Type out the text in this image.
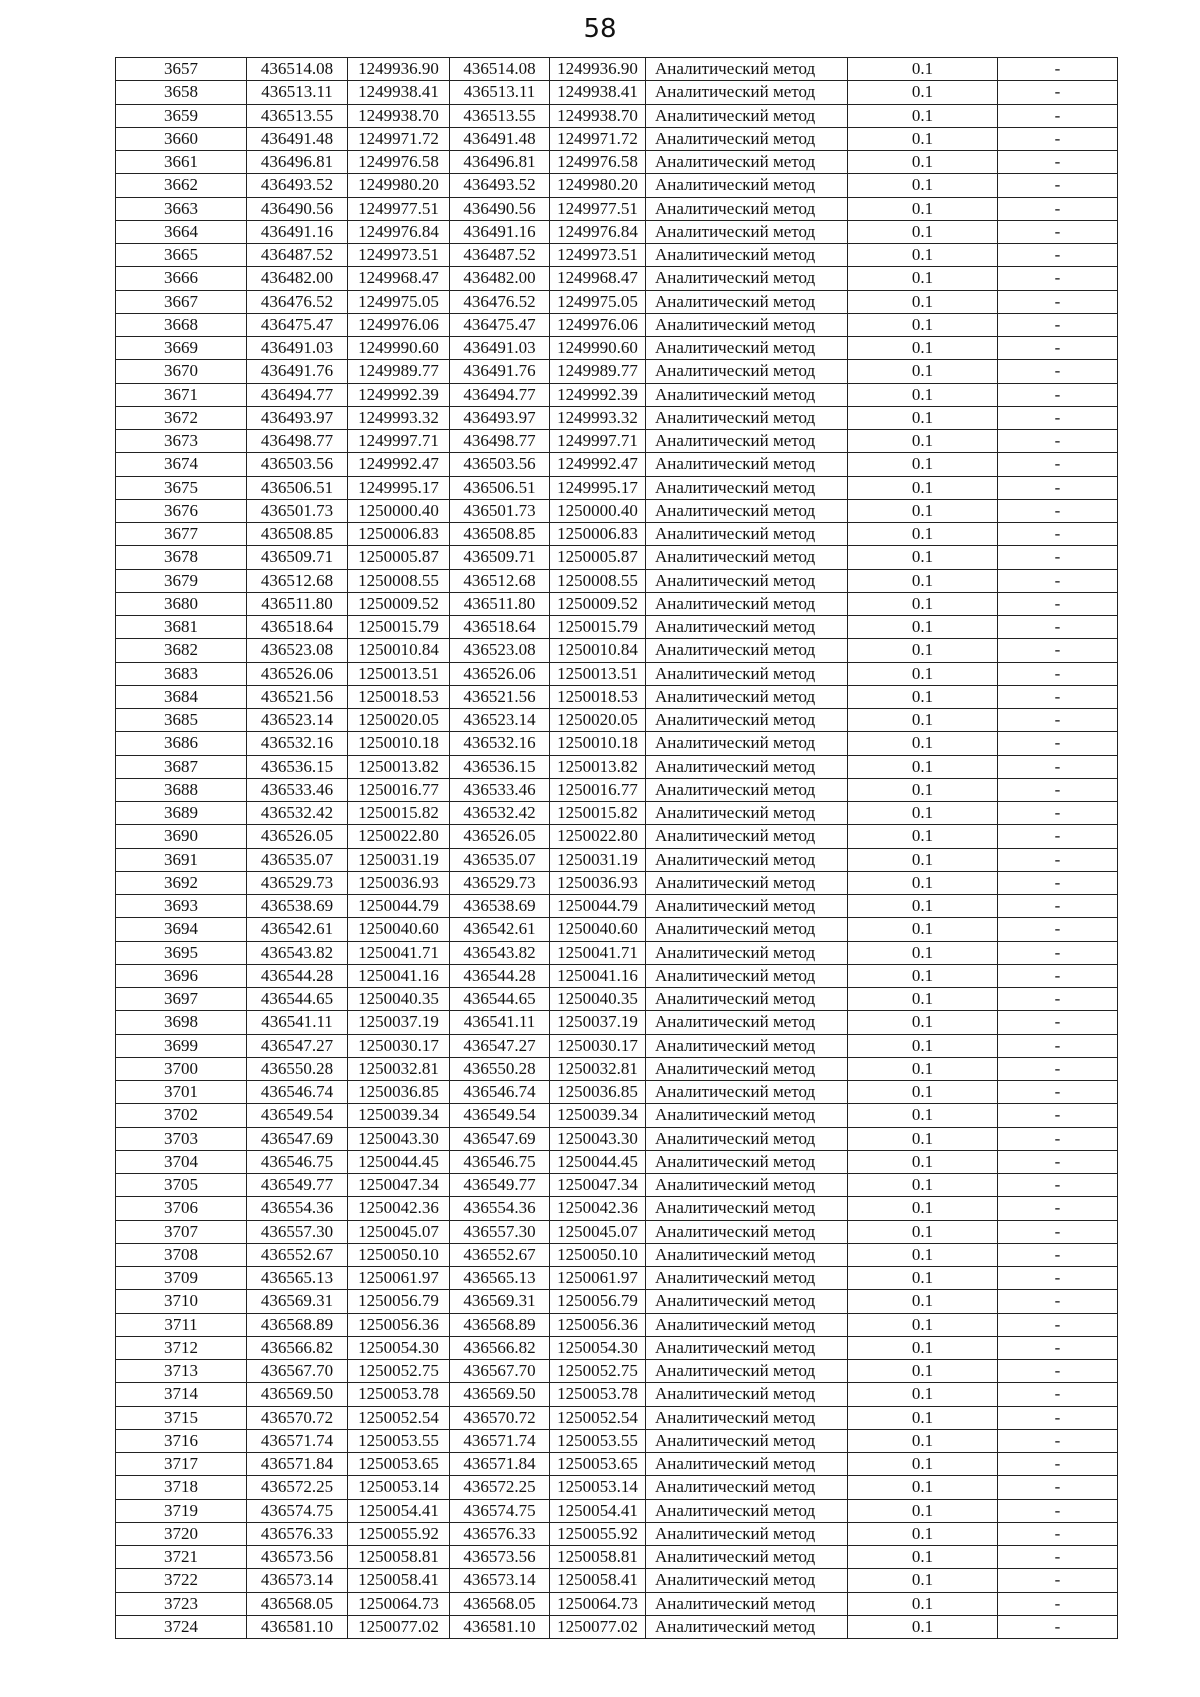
58
3657	436514.08	1249936.90	436514.08	1249936.90	Аналитический метод	0.1	-
3658	436513.11	1249938.41	436513.11	1249938.41	Аналитический метод	0.1	-
3659	436513.55	1249938.70	436513.55	1249938.70	Аналитический метод	0.1	-
3660	436491.48	1249971.72	436491.48	1249971.72	Аналитический метод	0.1	-
3661	436496.81	1249976.58	436496.81	1249976.58	Аналитический метод	0.1	-
3662	436493.52	1249980.20	436493.52	1249980.20	Аналитический метод	0.1	-
3663	436490.56	1249977.51	436490.56	1249977.51	Аналитический метод	0.1	-
3664	436491.16	1249976.84	436491.16	1249976.84	Аналитический метод	0.1	-
3665	436487.52	1249973.51	436487.52	1249973.51	Аналитический метод	0.1	-
3666	436482.00	1249968.47	436482.00	1249968.47	Аналитический метод	0.1	-
3667	436476.52	1249975.05	436476.52	1249975.05	Аналитический метод	0.1	-
3668	436475.47	1249976.06	436475.47	1249976.06	Аналитический метод	0.1	-
3669	436491.03	1249990.60	436491.03	1249990.60	Аналитический метод	0.1	-
3670	436491.76	1249989.77	436491.76	1249989.77	Аналитический метод	0.1	-
3671	436494.77	1249992.39	436494.77	1249992.39	Аналитический метод	0.1	-
3672	436493.97	1249993.32	436493.97	1249993.32	Аналитический метод	0.1	-
3673	436498.77	1249997.71	436498.77	1249997.71	Аналитический метод	0.1	-
3674	436503.56	1249992.47	436503.56	1249992.47	Аналитический метод	0.1	-
3675	436506.51	1249995.17	436506.51	1249995.17	Аналитический метод	0.1	-
3676	436501.73	1250000.40	436501.73	1250000.40	Аналитический метод	0.1	-
3677	436508.85	1250006.83	436508.85	1250006.83	Аналитический метод	0.1	-
3678	436509.71	1250005.87	436509.71	1250005.87	Аналитический метод	0.1	-
3679	436512.68	1250008.55	436512.68	1250008.55	Аналитический метод	0.1	-
3680	436511.80	1250009.52	436511.80	1250009.52	Аналитический метод	0.1	-
3681	436518.64	1250015.79	436518.64	1250015.79	Аналитический метод	0.1	-
3682	436523.08	1250010.84	436523.08	1250010.84	Аналитический метод	0.1	-
3683	436526.06	1250013.51	436526.06	1250013.51	Аналитический метод	0.1	-
3684	436521.56	1250018.53	436521.56	1250018.53	Аналитический метод	0.1	-
3685	436523.14	1250020.05	436523.14	1250020.05	Аналитический метод	0.1	-
3686	436532.16	1250010.18	436532.16	1250010.18	Аналитический метод	0.1	-
3687	436536.15	1250013.82	436536.15	1250013.82	Аналитический метод	0.1	-
3688	436533.46	1250016.77	436533.46	1250016.77	Аналитический метод	0.1	-
3689	436532.42	1250015.82	436532.42	1250015.82	Аналитический метод	0.1	-
3690	436526.05	1250022.80	436526.05	1250022.80	Аналитический метод	0.1	-
3691	436535.07	1250031.19	436535.07	1250031.19	Аналитический метод	0.1	-
3692	436529.73	1250036.93	436529.73	1250036.93	Аналитический метод	0.1	-
3693	436538.69	1250044.79	436538.69	1250044.79	Аналитический метод	0.1	-
3694	436542.61	1250040.60	436542.61	1250040.60	Аналитический метод	0.1	-
3695	436543.82	1250041.71	436543.82	1250041.71	Аналитический метод	0.1	-
3696	436544.28	1250041.16	436544.28	1250041.16	Аналитический метод	0.1	-
3697	436544.65	1250040.35	436544.65	1250040.35	Аналитический метод	0.1	-
3698	436541.11	1250037.19	436541.11	1250037.19	Аналитический метод	0.1	-
3699	436547.27	1250030.17	436547.27	1250030.17	Аналитический метод	0.1	-
3700	436550.28	1250032.81	436550.28	1250032.81	Аналитический метод	0.1	-
3701	436546.74	1250036.85	436546.74	1250036.85	Аналитический метод	0.1	-
3702	436549.54	1250039.34	436549.54	1250039.34	Аналитический метод	0.1	-
3703	436547.69	1250043.30	436547.69	1250043.30	Аналитический метод	0.1	-
3704	436546.75	1250044.45	436546.75	1250044.45	Аналитический метод	0.1	-
3705	436549.77	1250047.34	436549.77	1250047.34	Аналитический метод	0.1	-
3706	436554.36	1250042.36	436554.36	1250042.36	Аналитический метод	0.1	-
3707	436557.30	1250045.07	436557.30	1250045.07	Аналитический метод	0.1	-
3708	436552.67	1250050.10	436552.67	1250050.10	Аналитический метод	0.1	-
3709	436565.13	1250061.97	436565.13	1250061.97	Аналитический метод	0.1	-
3710	436569.31	1250056.79	436569.31	1250056.79	Аналитический метод	0.1	-
3711	436568.89	1250056.36	436568.89	1250056.36	Аналитический метод	0.1	-
3712	436566.82	1250054.30	436566.82	1250054.30	Аналитический метод	0.1	-
3713	436567.70	1250052.75	436567.70	1250052.75	Аналитический метод	0.1	-
3714	436569.50	1250053.78	436569.50	1250053.78	Аналитический метод	0.1	-
3715	436570.72	1250052.54	436570.72	1250052.54	Аналитический метод	0.1	-
3716	436571.74	1250053.55	436571.74	1250053.55	Аналитический метод	0.1	-
3717	436571.84	1250053.65	436571.84	1250053.65	Аналитический метод	0.1	-
3718	436572.25	1250053.14	436572.25	1250053.14	Аналитический метод	0.1	-
3719	436574.75	1250054.41	436574.75	1250054.41	Аналитический метод	0.1	-
3720	436576.33	1250055.92	436576.33	1250055.92	Аналитический метод	0.1	-
3721	436573.56	1250058.81	436573.56	1250058.81	Аналитический метод	0.1	-
3722	436573.14	1250058.41	436573.14	1250058.41	Аналитический метод	0.1	-
3723	436568.05	1250064.73	436568.05	1250064.73	Аналитический метод	0.1	-
3724	436581.10	1250077.02	436581.10	1250077.02	Аналитический метод	0.1	-
